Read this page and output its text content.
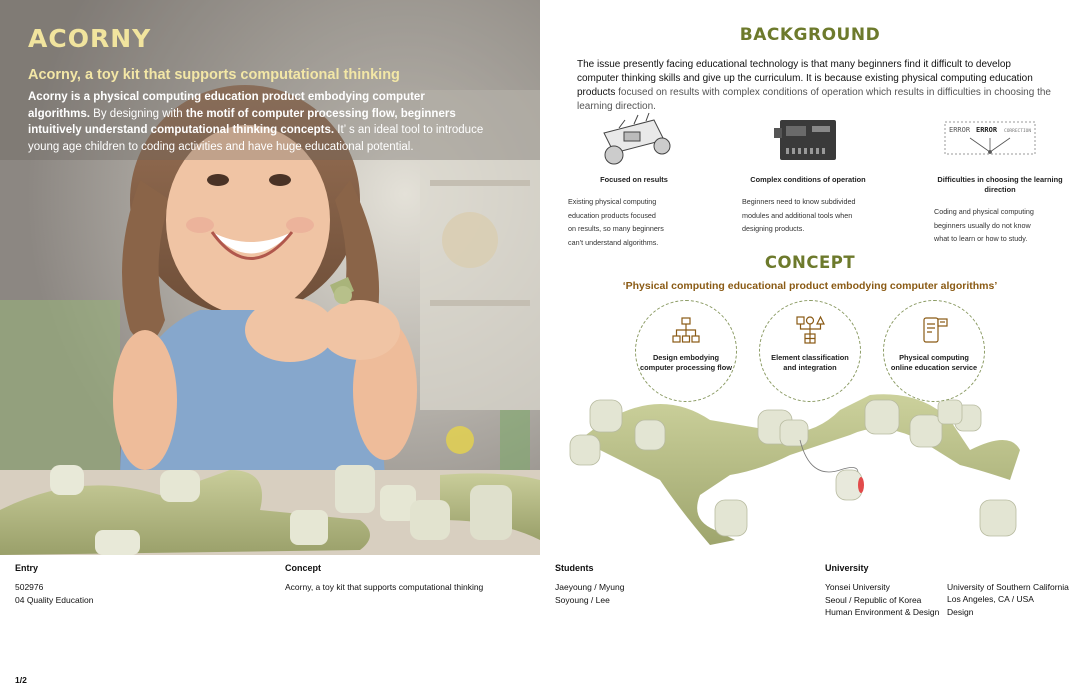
ACORNY
Acorny, a toy kit that supports computational thinking
Acorny is a physical computing education product embodying computer algorithms. By designing with the motif of computer processing flow, beginners intuitively understand computational thinking concepts. It’ s an ideal tool to introduce young age children to coding activities and have huge educational potential.
BACKGROUND
The issue presently facing educational technology is that many beginners find it difficult to develop computer thinking skills and give up the curriculum. It is because existing physical computing education products focused on results with complex conditions of operation which results in difficulties in choosing the learning direction.
Focused on results
Existing physical computing
education products focused
on results, so many beginners
can’t understand algorithms.
Complex conditions of operation
Beginners need to know subdivided
modules and additional tools when
designing products.
ERROR ERROR CORRECTION
Difficulties in choosing the learning direction
Coding and physical computing
beginners usually do not know
what to learn or how to study.
CONCEPT
‘Physical computing educational product embodying computer algorithms’
Design embodying computer processing flow
Element classification and integration
Physical computing online education service
Entry
502976
04 Quality Education
Concept
Acorny, a toy kit that supports computational thinking
Students
Jaeyoung / Myung
Soyoung / Lee
University
Yonsei University
Seoul / Republic of Korea
Human Environment & Design
University of Southern California
Los Angeles, CA / USA
Design
1/2
